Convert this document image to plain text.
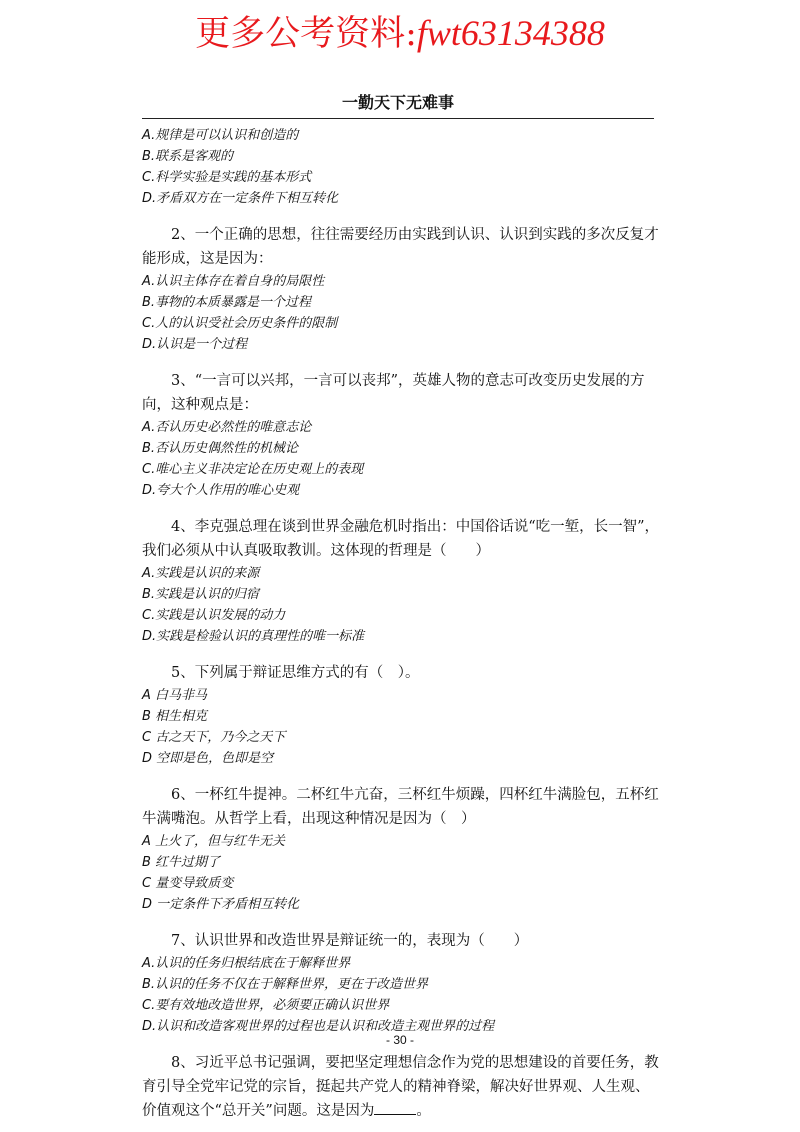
更多公考资料:fwt63134388
一勤天下无难事

A.规律是可以认识和创造的

B.联系是客观的

C.科学实验是实践的基本形式

D.矛盾双方在一定条件下相互转化

2、一个正确的思想，往往需要经历由实践到认识、认识到实践的多次反复才能形成，这是因为：

A.认识主体存在着自身的局限性

B.事物的本质暴露是一个过程

C.人的认识受社会历史条件的限制

D.认识是一个过程

3、“一言可以兴邦，一言可以丧邦”，英雄人物的意志可改变历史发展的方向，这种观点是：

A.否认历史必然性的唯意志论

B.否认历史偶然性的机械论

C.唯心主义非决定论在历史观上的表现

D.夸大个人作用的唯心史观

4、李克强总理在谈到世界金融危机时指出：中国俗话说“吃一堑，长一智”，我们必须从中认真吸取教训。这体现的哲理是（　　）

A.实践是认识的来源

B.实践是认识的归宿

C.实践是认识发展的动力

D.实践是检验认识的真理性的唯一标准

5、下列属于辩证思维方式的有（　）。

A 白马非马

B 相生相克

C 古之天下，乃今之天下

D 空即是色，色即是空

6、一杯红牛提神。二杯红牛亢奋，三杯红牛烦躁，四杯红牛满脸包，五杯红牛满嘴泡。从哲学上看，出现这种情况是因为（　）

A 上火了，但与红牛无关

B 红牛过期了

C 量变导致质变

D 一定条件下矛盾相互转化

7、认识世界和改造世界是辩证统一的，表现为（　　）

A.认识的任务归根结底在于解释世界

B.认识的任务不仅在于解释世界，更在于改造世界

C.要有效地改造世界，必须要正确认识世界

D.认识和改造客观世界的过程也是认识和改造主观世界的过程

8、习近平总书记强调，要把坚定理想信念作为党的思想建设的首要任务，教育引导全党牢记党的宗旨，挺起共产党人的精神脊梁，解决好世界观、人生观、价值观这个“总开关”问题。这是因为	。

- 30 -
